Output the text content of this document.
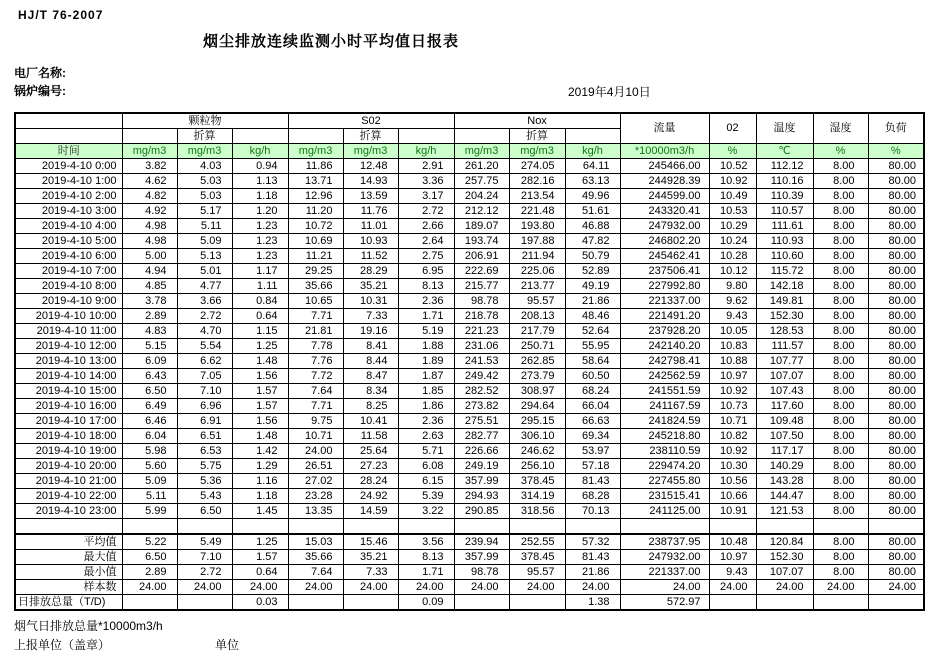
HJ/T 76-2007
烟尘排放连续监测小时平均值日报表
电厂名称:
锅炉编号:	2019年4月10日
	颗粒物			S02			Nox			流量	02	温度	湿度	负荷
		折算			折算			折算						
时间	mg/m3	mg/m3	kg/h	mg/m3	mg/m3	kg/h	mg/m3	mg/m3	kg/h	*10000m3/h	%	℃	%	%
2019-4-10 0:00	3.82	4.03	0.94	11.86	12.48	2.91	261.20	274.05	64.11	245466.00	10.52	112.12	8.00	80.00
2019-4-10 1:00	4.62	5.03	1.13	13.71	14.93	3.36	257.75	282.16	63.13	244928.39	10.92	110.16	8.00	80.00
2019-4-10 2:00	4.82	5.03	1.18	12.96	13.59	3.17	204.24	213.54	49.96	244599.00	10.49	110.39	8.00	80.00
2019-4-10 3:00	4.92	5.17	1.20	11.20	11.76	2.72	212.12	221.48	51.61	243320.41	10.53	110.57	8.00	80.00
2019-4-10 4:00	4.98	5.11	1.23	10.72	11.01	2.66	189.07	193.80	46.88	247932.00	10.29	111.61	8.00	80.00
2019-4-10 5:00	4.98	5.09	1.23	10.69	10.93	2.64	193.74	197.88	47.82	246802.20	10.24	110.93	8.00	80.00
2019-4-10 6:00	5.00	5.13	1.23	11.21	11.52	2.75	206.91	211.94	50.79	245462.41	10.28	110.60	8.00	80.00
2019-4-10 7:00	4.94	5.01	1.17	29.25	28.29	6.95	222.69	225.06	52.89	237506.41	10.12	115.72	8.00	80.00
2019-4-10 8:00	4.85	4.77	1.11	35.66	35.21	8.13	215.77	213.77	49.19	227992.80	9.80	142.18	8.00	80.00
2019-4-10 9:00	3.78	3.66	0.84	10.65	10.31	2.36	98.78	95.57	21.86	221337.00	9.62	149.81	8.00	80.00
2019-4-10 10:00	2.89	2.72	0.64	7.71	7.33	1.71	218.78	208.13	48.46	221491.20	9.43	152.30	8.00	80.00
2019-4-10 11:00	4.83	4.70	1.15	21.81	19.16	5.19	221.23	217.79	52.64	237928.20	10.05	128.53	8.00	80.00
2019-4-10 12:00	5.15	5.54	1.25	7.78	8.41	1.88	231.06	250.71	55.95	242140.20	10.83	111.57	8.00	80.00
2019-4-10 13:00	6.09	6.62	1.48	7.76	8.44	1.89	241.53	262.85	58.64	242798.41	10.88	107.77	8.00	80.00
2019-4-10 14:00	6.43	7.05	1.56	7.72	8.47	1.87	249.42	273.79	60.50	242562.59	10.97	107.07	8.00	80.00
2019-4-10 15:00	6.50	7.10	1.57	7.64	8.34	1.85	282.52	308.97	68.24	241551.59	10.92	107.43	8.00	80.00
2019-4-10 16:00	6.49	6.96	1.57	7.71	8.25	1.86	273.82	294.64	66.04	241167.59	10.73	117.60	8.00	80.00
2019-4-10 17:00	6.46	6.91	1.56	9.75	10.41	2.36	275.51	295.15	66.63	241824.59	10.71	109.48	8.00	80.00
2019-4-10 18:00	6.04	6.51	1.48	10.71	11.58	2.63	282.77	306.10	69.34	245218.80	10.82	107.50	8.00	80.00
2019-4-10 19:00	5.98	6.53	1.42	24.00	25.64	5.71	226.66	246.62	53.97	238110.59	10.92	117.17	8.00	80.00
2019-4-10 20:00	5.60	5.75	1.29	26.51	27.23	6.08	249.19	256.10	57.18	229474.20	10.30	140.29	8.00	80.00
2019-4-10 21:00	5.09	5.36	1.16	27.02	28.24	6.15	357.99	378.45	81.43	227455.80	10.56	143.28	8.00	80.00
2019-4-10 22:00	5.11	5.43	1.18	23.28	24.92	5.39	294.93	314.19	68.28	231515.41	10.66	144.47	8.00	80.00
2019-4-10 23:00	5.99	6.50	1.45	13.35	14.59	3.22	290.85	318.56	70.13	241125.00	10.91	121.53	8.00	80.00

平均值	5.22	5.49	1.25	15.03	15.46	3.56	239.94	252.55	57.32	238737.95	10.48	120.84	8.00	80.00
最大值	6.50	7.10	1.57	35.66	35.21	8.13	357.99	378.45	81.43	247932.00	10.97	152.30	8.00	80.00
最小值	2.89	2.72	0.64	7.64	7.33	1.71	98.78	95.57	21.86	221337.00	9.43	107.07	8.00	80.00
样本数	24.00	24.00	24.00	24.00	24.00	24.00	24.00	24.00	24.00	24.00	24.00	24.00	24.00	24.00
日排放总量（T/D)			0.03			0.09			1.38	572.97				
烟气日排放总量*10000m3/h
上报单位（盖章）	单位
